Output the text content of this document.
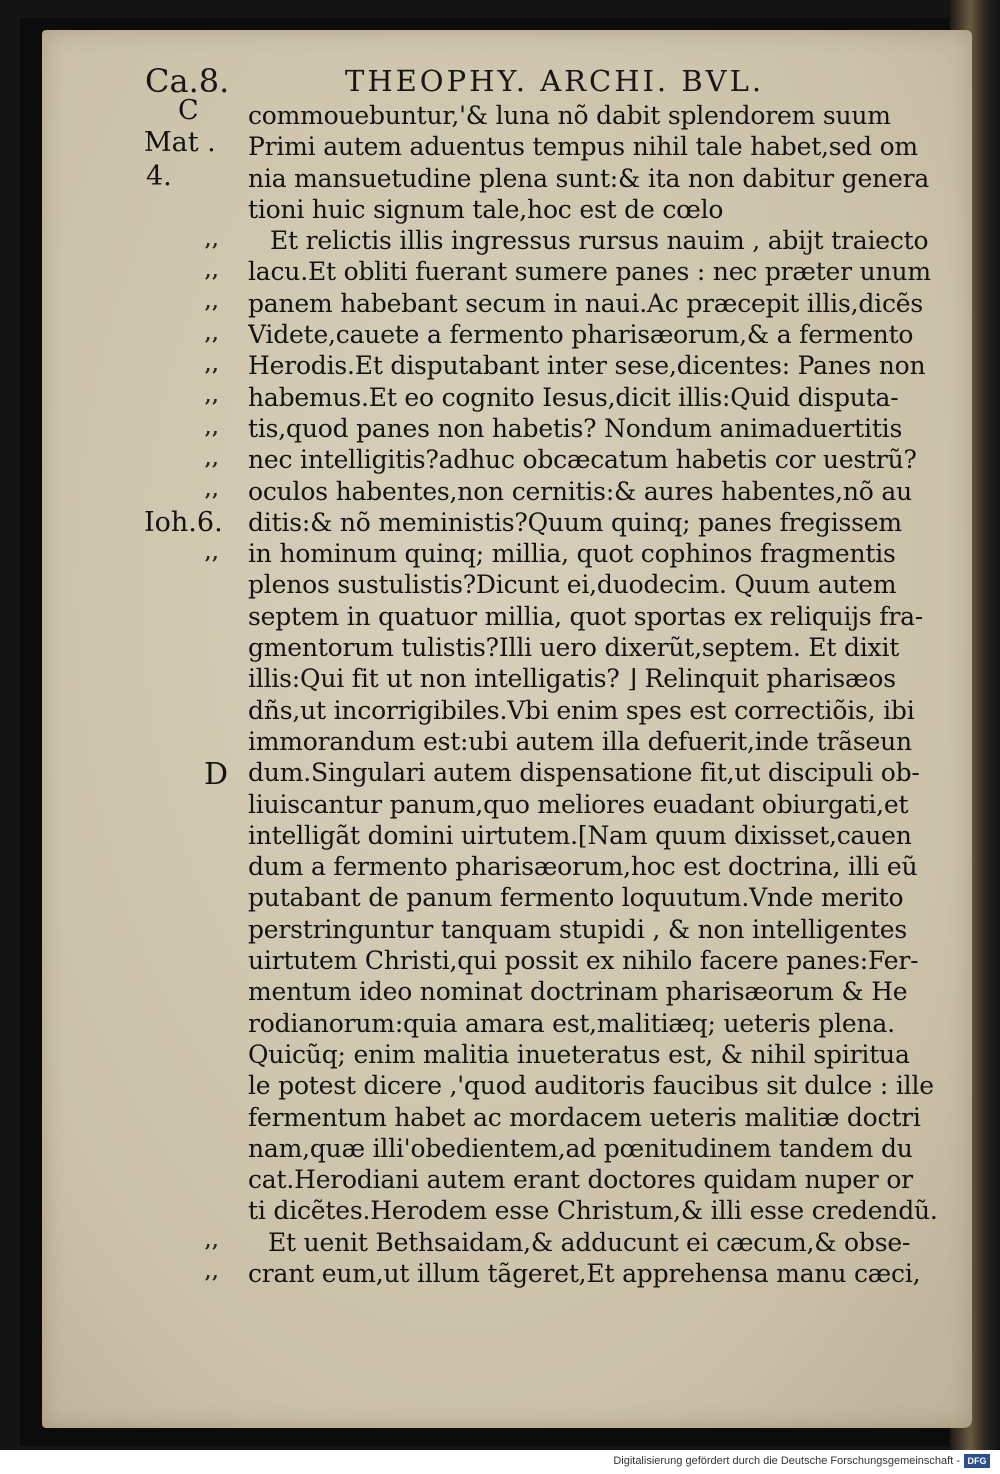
Ca.8.	THEOPHY. ARCHI. BVL.
C
Mat .
4.
Ioh.6.
D
,,
,,
,,
,,
,,
,,
,,
,,
,,
,,
,,
,,
commouebuntur,'& luna nõ dabit splendorem suum
Primi autem aduentus tempus nihil tale habet,sed om
nia mansuetudine plena sunt:& ita non dabitur genera
tioni huic signum tale,hoc est de cœlo
Et relictis illis ingressus rursus nauim , abijt traiecto
lacu.Et obliti fuerant sumere panes : nec præter unum
panem habebant secum in naui.Ac præcepit illis,dicẽs
Videte,cauete a fermento pharisæorum,& a fermento
Herodis.Et disputabant inter sese,dicentes: Panes non
habemus.Et eo cognito Iesus,dicit illis:Quid disputa-
tis,quod panes non habetis? Nondum animaduertitis
nec intelligitis?adhuc obcæcatum habetis cor uestrũ?
oculos habentes,non cernitis:& aures habentes,nõ au
ditis:& nõ meministis?Quum quinq; panes fregissem
in hominum quinq; millia, quot cophinos fragmentis
plenos sustulistis?Dicunt ei,duodecim. Quum autem
septem in quatuor millia, quot sportas ex reliquijs fra-
gmentorum tulistis?Illi uero dixerũt,septem. Et dixit
illis:Qui fit ut non intelligatis? ⌋ Relinquit pharisæos
dñs,ut incorrigibiles.Vbi enim spes est correctiõis, ibi
immorandum est:ubi autem illa defuerit,inde trãseun
dum.Singulari autem dispensatione fit,ut discipuli ob-
liuiscantur panum,quo meliores euadant obiurgati,et
intelligãt domini uirtutem.[Nam quum dixisset,cauen
dum a fermento pharisæorum,hoc est doctrina, illi eũ
putabant de panum fermento loquutum.Vnde merito
perstringuntur tanquam stupidi , & non intelligentes
uirtutem Christi,qui possit ex nihilo facere panes:Fer-
mentum ideo nominat doctrinam pharisæorum & He
rodianorum:quia amara est,malitiæq; ueteris plena.
Quicũq; enim malitia inueteratus est, & nihil spiritua
le potest dicere ,'quod auditoris faucibus sit dulce : ille
fermentum habet ac mordacem ueteris malitiæ doctri
nam,quæ illi'obedientem,ad pœnitudinem tandem du
cat.Herodiani autem erant doctores quidam nuper or
ti dicẽtes.Herodem esse Christum,& illi esse credendũ.
Et uenit Bethsaidam,& adducunt ei cæcum,& obse-
crant eum,ut illum tãgeret,Et apprehensa manu cæci,
Digitalisierung gefördert durch die Deutsche Forschungsgemeinschaft - DFG
